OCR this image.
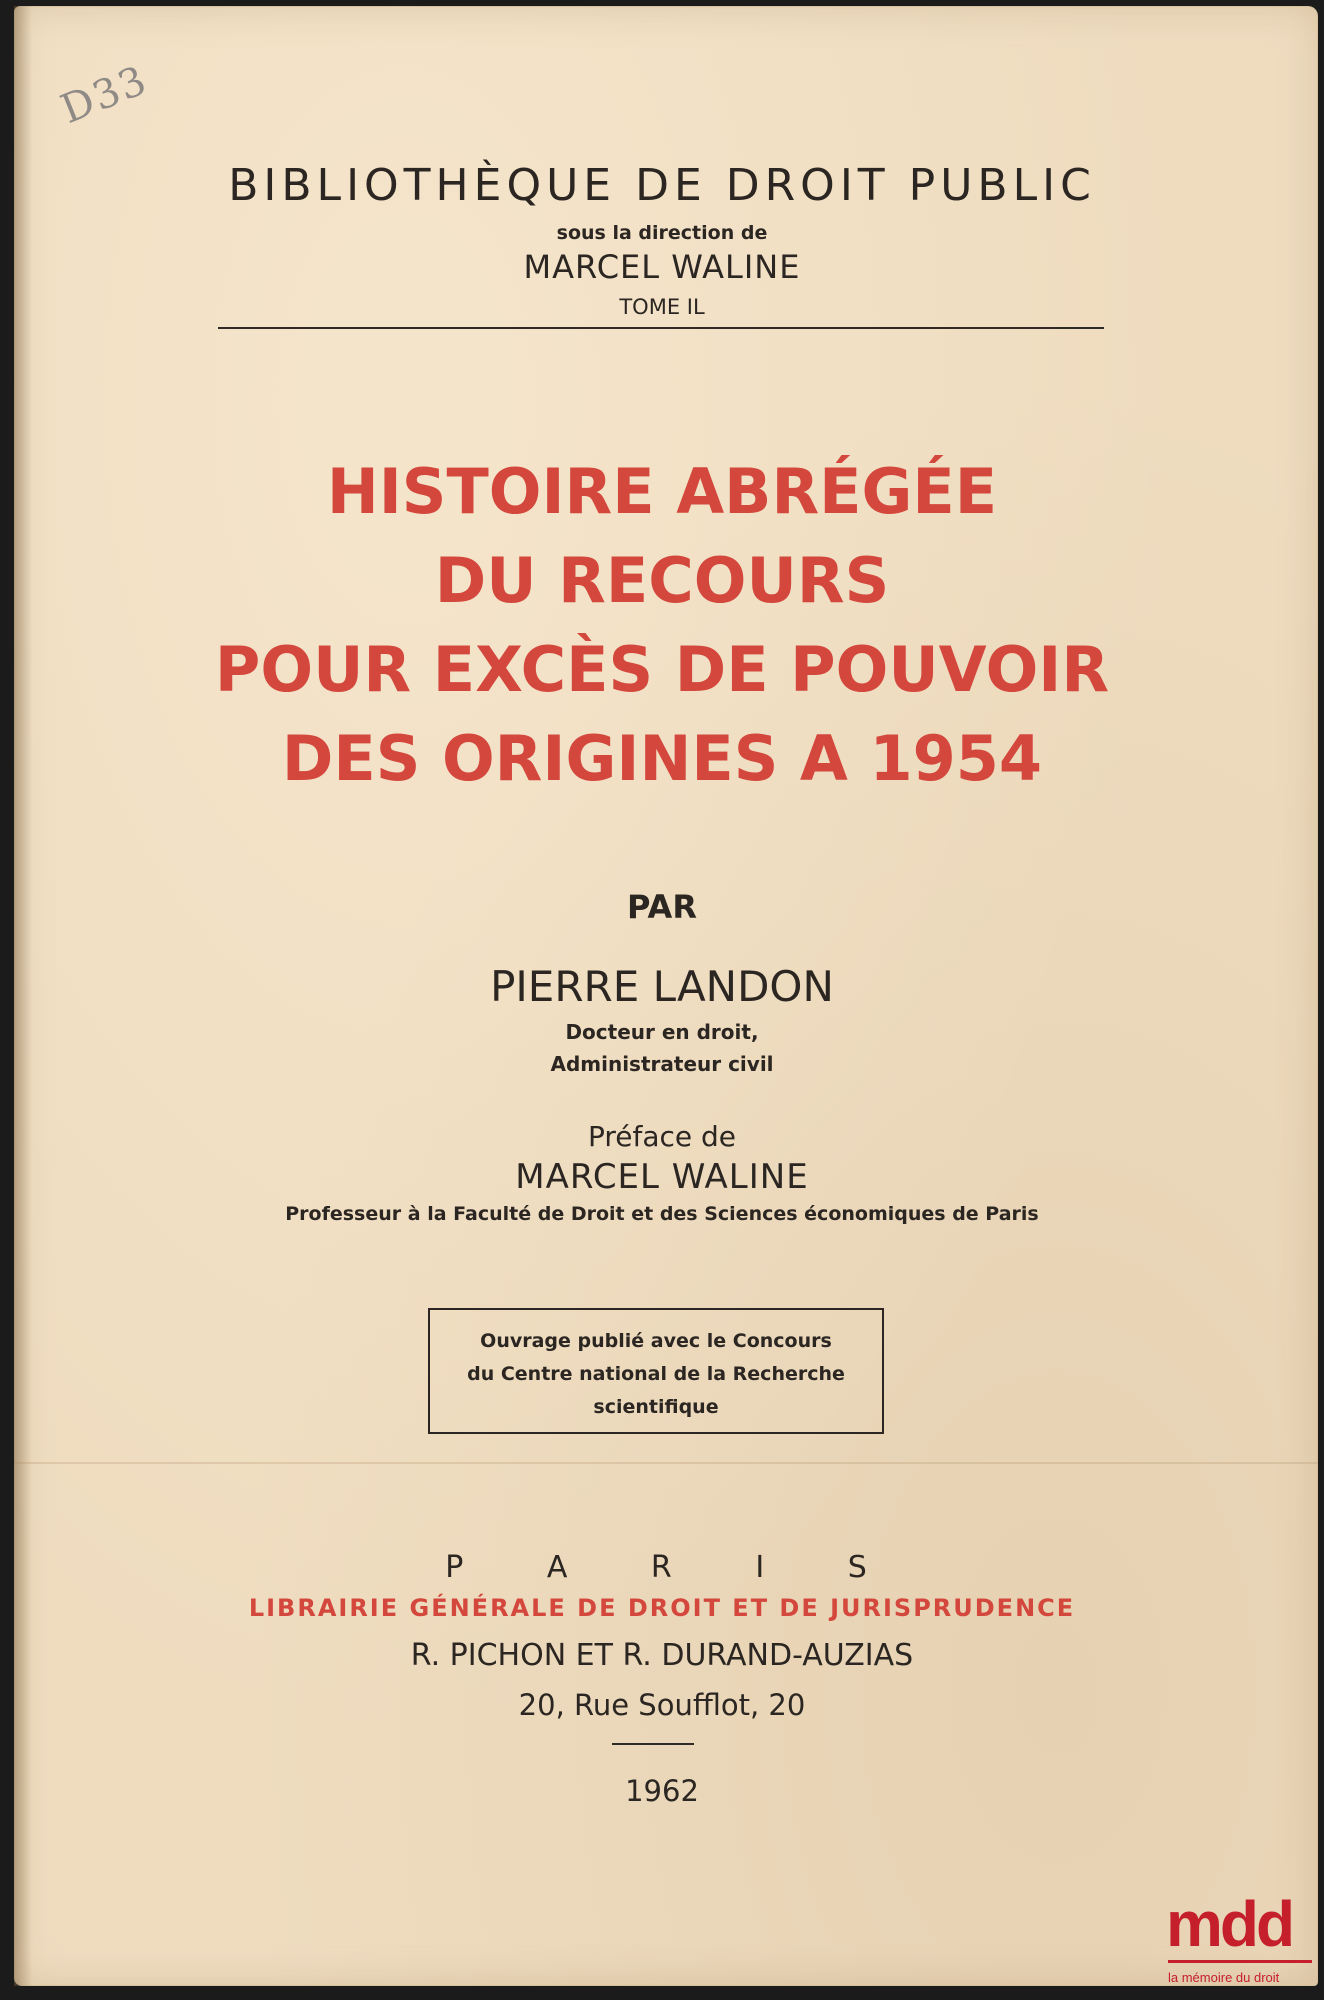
D33
BIBLIOTHÈQUE DE DROIT PUBLIC
sous la direction de
MARCEL WALINE
TOME IL
HISTOIRE ABRÉGÉE
DU RECOURS
POUR EXCÈS DE POUVOIR
DES ORIGINES A 1954
PAR
PIERRE LANDON
Docteur en droit,
Administrateur civil
Préface de
MARCEL WALINE
Professeur à la Faculté de Droit et des Sciences économiques de Paris
Ouvrage publié avec le Concours
du Centre national de la Recherche
scientifique
P A R I S
LIBRAIRIE GÉNÉRALE DE DROIT ET DE JURISPRUDENCE
R. PICHON ET R. DURAND-AUZIAS
20, Rue Soufflot, 20
1962
mdd
la mémoire du droit
